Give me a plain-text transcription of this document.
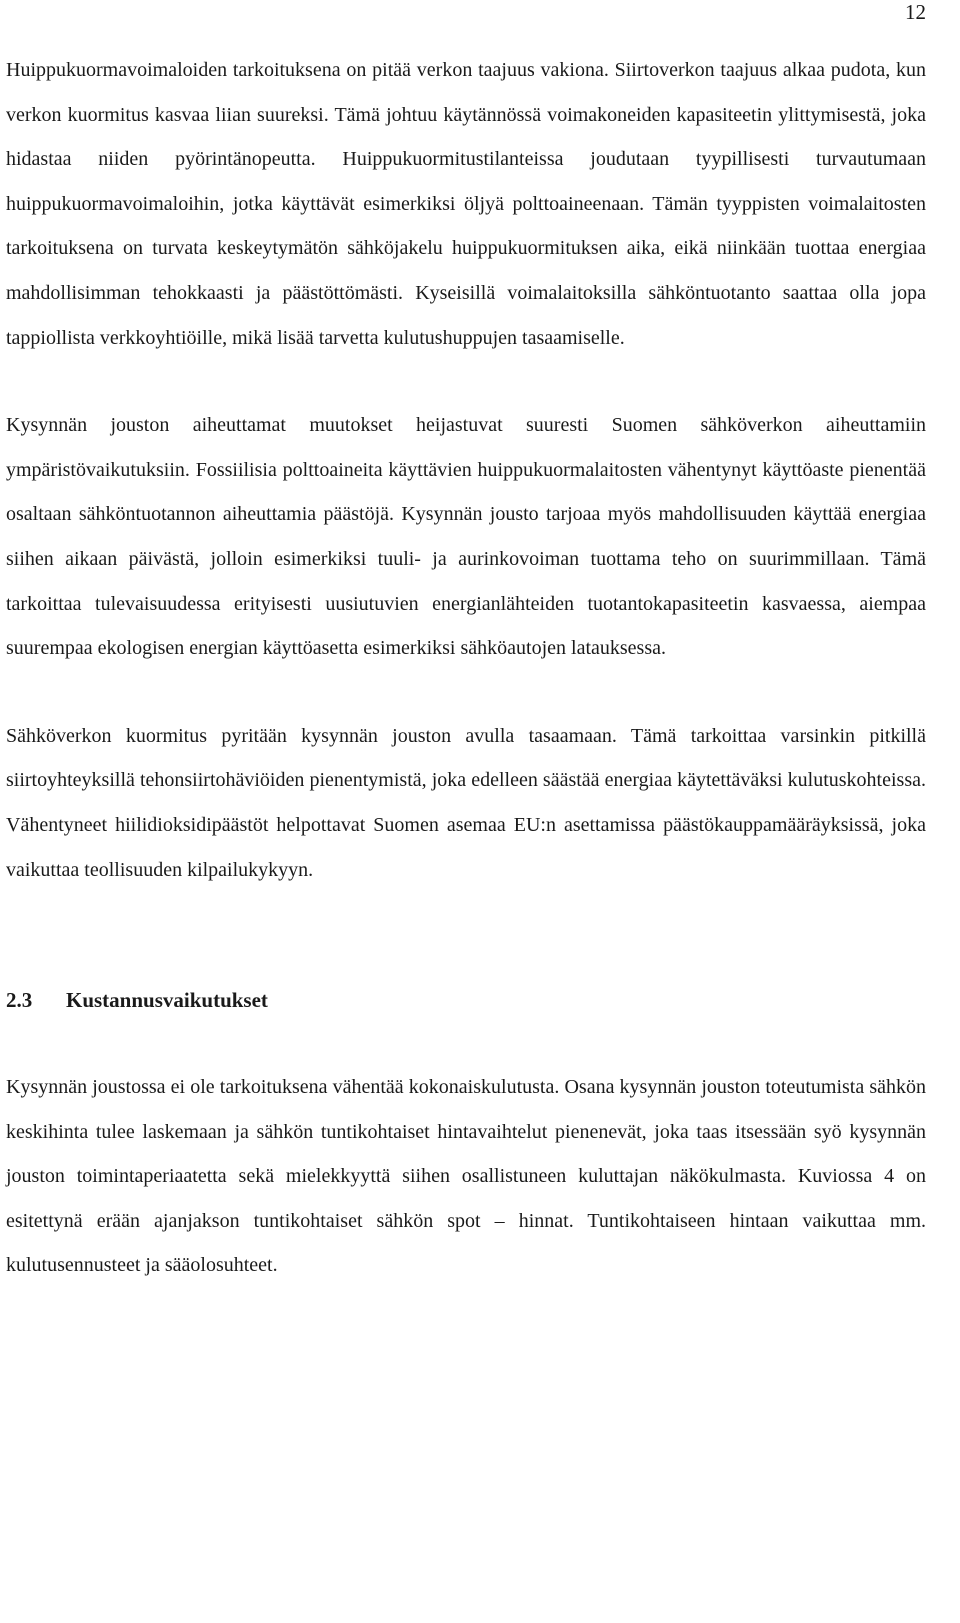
12

Huippukuormavoimaloiden tarkoituksena on pitää verkon taajuus vakiona. Siirtoverkon taajuus alkaa pudota, kun verkon kuormitus kasvaa liian suureksi. Tämä johtuu käytännössä voimakoneiden kapasiteetin ylittymisestä, joka hidastaa niiden pyörintänopeutta. Huippukuormitustilanteissa joudutaan tyypillisesti turvautumaan huippukuormavoimaloihin, jotka käyttävät esimerkiksi öljyä polttoaineenaan. Tämän tyyppisten voimalaitosten tarkoituksena on turvata keskeytymätön sähköjakelu huippukuormituksen aika, eikä niinkään tuottaa energiaa mahdollisimman tehokkaasti ja päästöttömästi. Kyseisillä voimalaitoksilla sähköntuotanto saattaa olla jopa tappiollista verkkoyhtiöille, mikä lisää tarvetta kulutushuppujen tasaamiselle.

Kysynnän jouston aiheuttamat muutokset heijastuvat suuresti Suomen sähköverkon aiheuttamiin ympäristövaikutuksiin. Fossiilisia polttoaineita käyttävien huippukuormalaitosten vähentynyt käyttöaste pienentää osaltaan sähköntuotannon aiheuttamia päästöjä. Kysynnän jousto tarjoaa myös mahdollisuuden käyttää energiaa siihen aikaan päivästä, jolloin esimerkiksi tuuli- ja aurinkovoiman tuottama teho on suurimmillaan. Tämä tarkoittaa tulevaisuudessa erityisesti uusiutuvien energianlähteiden tuotantokapasiteetin kasvaessa, aiempaa suurempaa ekologisen energian käyttöasetta esimerkiksi sähköautojen latauksessa.

Sähköverkon kuormitus pyritään kysynnän jouston avulla tasaamaan. Tämä tarkoittaa varsinkin pitkillä siirtoyhteyksillä tehonsiirtohäviöiden pienentymistä, joka edelleen säästää energiaa käytettäväksi kulutuskohteissa. Vähentyneet hiilidioksidipäästöt helpottavat Suomen asemaa EU:n asettamissa päästökauppamääräyksissä, joka vaikuttaa teollisuuden kilpailukykyyn.

2.3 Kustannusvaikutukset

Kysynnän joustossa ei ole tarkoituksena vähentää kokonaiskulutusta. Osana kysynnän jouston toteutumista sähkön keskihinta tulee laskemaan ja sähkön tuntikohtaiset hintavaihtelut pienenevät, joka taas itsessään syö kysynnän jouston toimintaperiaatetta sekä mielekkyyttä siihen osallistuneen kuluttajan näkökulmasta. Kuviossa 4 on esitettynä erään ajanjakson tuntikohtaiset sähkön spot – hinnat. Tuntikohtaiseen hintaan vaikuttaa mm. kulutusennusteet ja sääolosuhteet.
